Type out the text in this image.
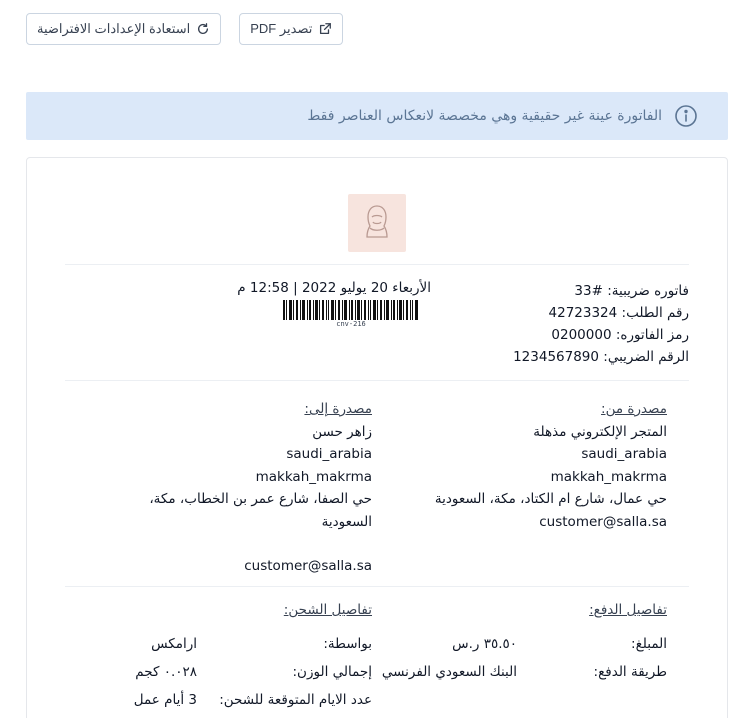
استعادة الإعدادات الافتراضية	تصدير PDF
الفاتورة عينة غير حقيقية وهي مخصصة لانعكاس العناصر فقط
فاتوره ضريبية: #33
رقم الطلب: 42723324
رمز الفاتوره: 0200000
الرقم الضريبي: 1234567890
الأربعاء 20 يوليو 2022 | 12:58 م
cnv-216
مصدرة من:
المتجر الإلكتروني مذهلة
saudi_arabia
makkah_makrma
حي عمال، شارع ام الكتاد، مكة، السعودية
customer@salla.sa
مصدرة إلى:
زاهر حسن
saudi_arabia
makkah_makrma
حي الصفا، شارع عمر بن الخطاب، مكة، السعودية
customer@salla.sa
تفاصيل الدفع:
المبلغ:
٣٥.٥٠ ر.س
طريقة الدفع:
البنك السعودي الفرنسي
تفاصيل الشحن:
بواسطة:
ارامكس
إجمالي الوزن:
٠.٠٢٨ كجم
عدد الايام المتوقعة للشحن:
3 أيام عمل
